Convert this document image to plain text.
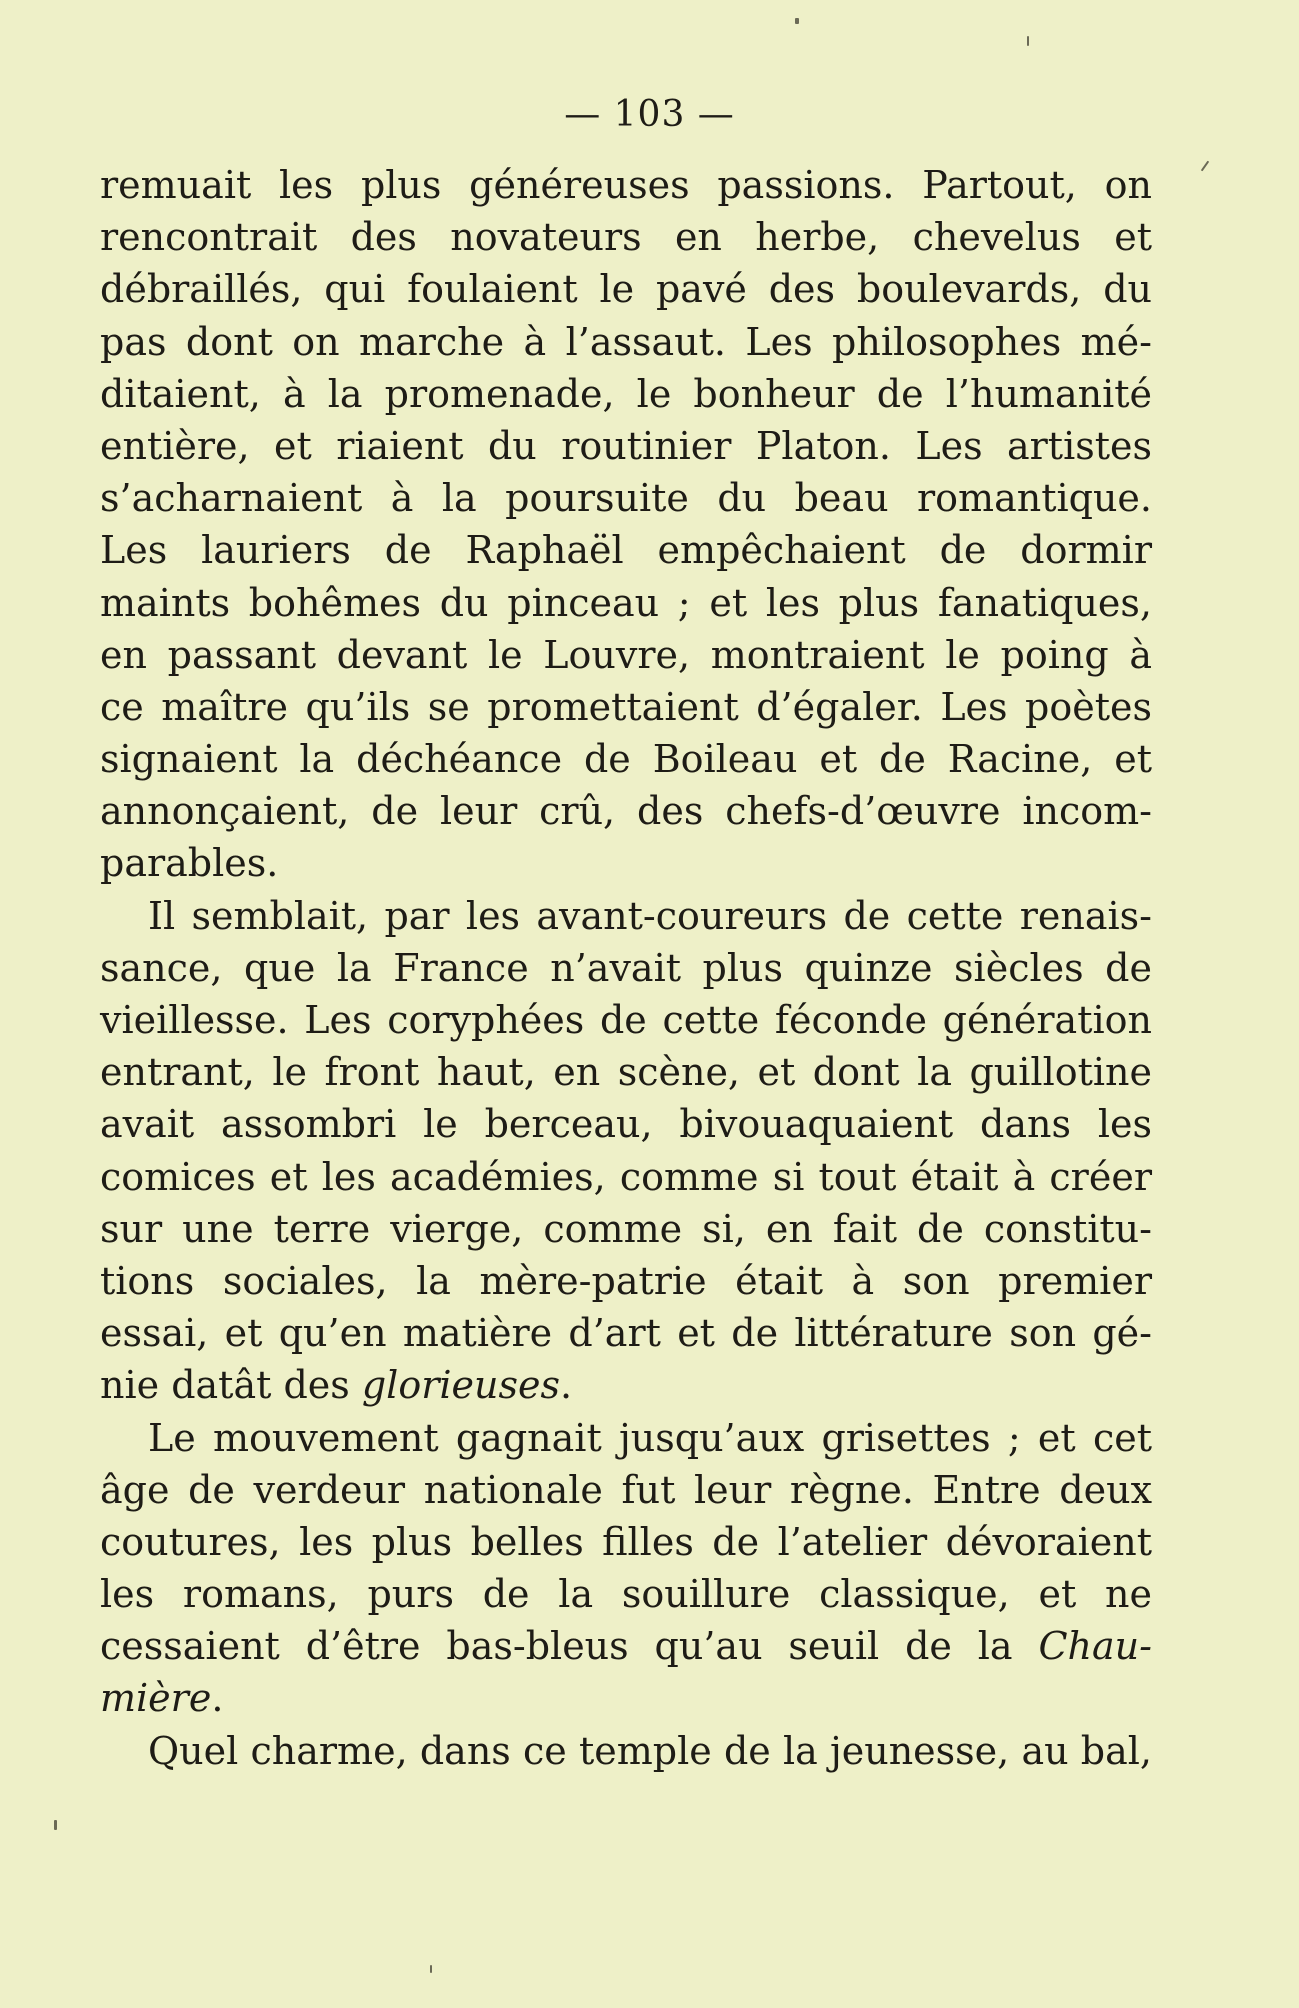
— 103 —
remuait les plus généreuses passions. Partout, on
rencontrait des novateurs en herbe, chevelus et
débraillés, qui foulaient le pavé des boulevards, du
pas dont on marche à l’assaut. Les philosophes mé-
ditaient, à la promenade, le bonheur de l’humanité
entière, et riaient du routinier Platon. Les artistes
s’acharnaient à la poursuite du beau romantique.
Les lauriers de Raphaël empêchaient de dormir
maints bohêmes du pinceau ; et les plus fanatiques,
en passant devant le Louvre, montraient le poing à
ce maître qu’ils se promettaient d’égaler. Les poètes
signaient la déchéance de Boileau et de Racine, et
annonçaient, de leur crû, des chefs-d’œuvre incom-
parables.
Il semblait, par les avant-coureurs de cette renais-
sance, que la France n’avait plus quinze siècles de
vieillesse. Les coryphées de cette féconde génération
entrant, le front haut, en scène, et dont la guillotine
avait assombri le berceau, bivouaquaient dans les
comices et les académies, comme si tout était à créer
sur une terre vierge, comme si, en fait de constitu-
tions sociales, la mère-patrie était à son premier
essai, et qu’en matière d’art et de littérature son gé-
nie datât des glorieuses.
Le mouvement gagnait jusqu’aux grisettes ; et cet
âge de verdeur nationale fut leur règne. Entre deux
coutures, les plus belles filles de l’atelier dévoraient
les romans, purs de la souillure classique, et ne
cessaient d’être bas-bleus qu’au seuil de la Chau-
mière.
Quel charme, dans ce temple de la jeunesse, au bal,
